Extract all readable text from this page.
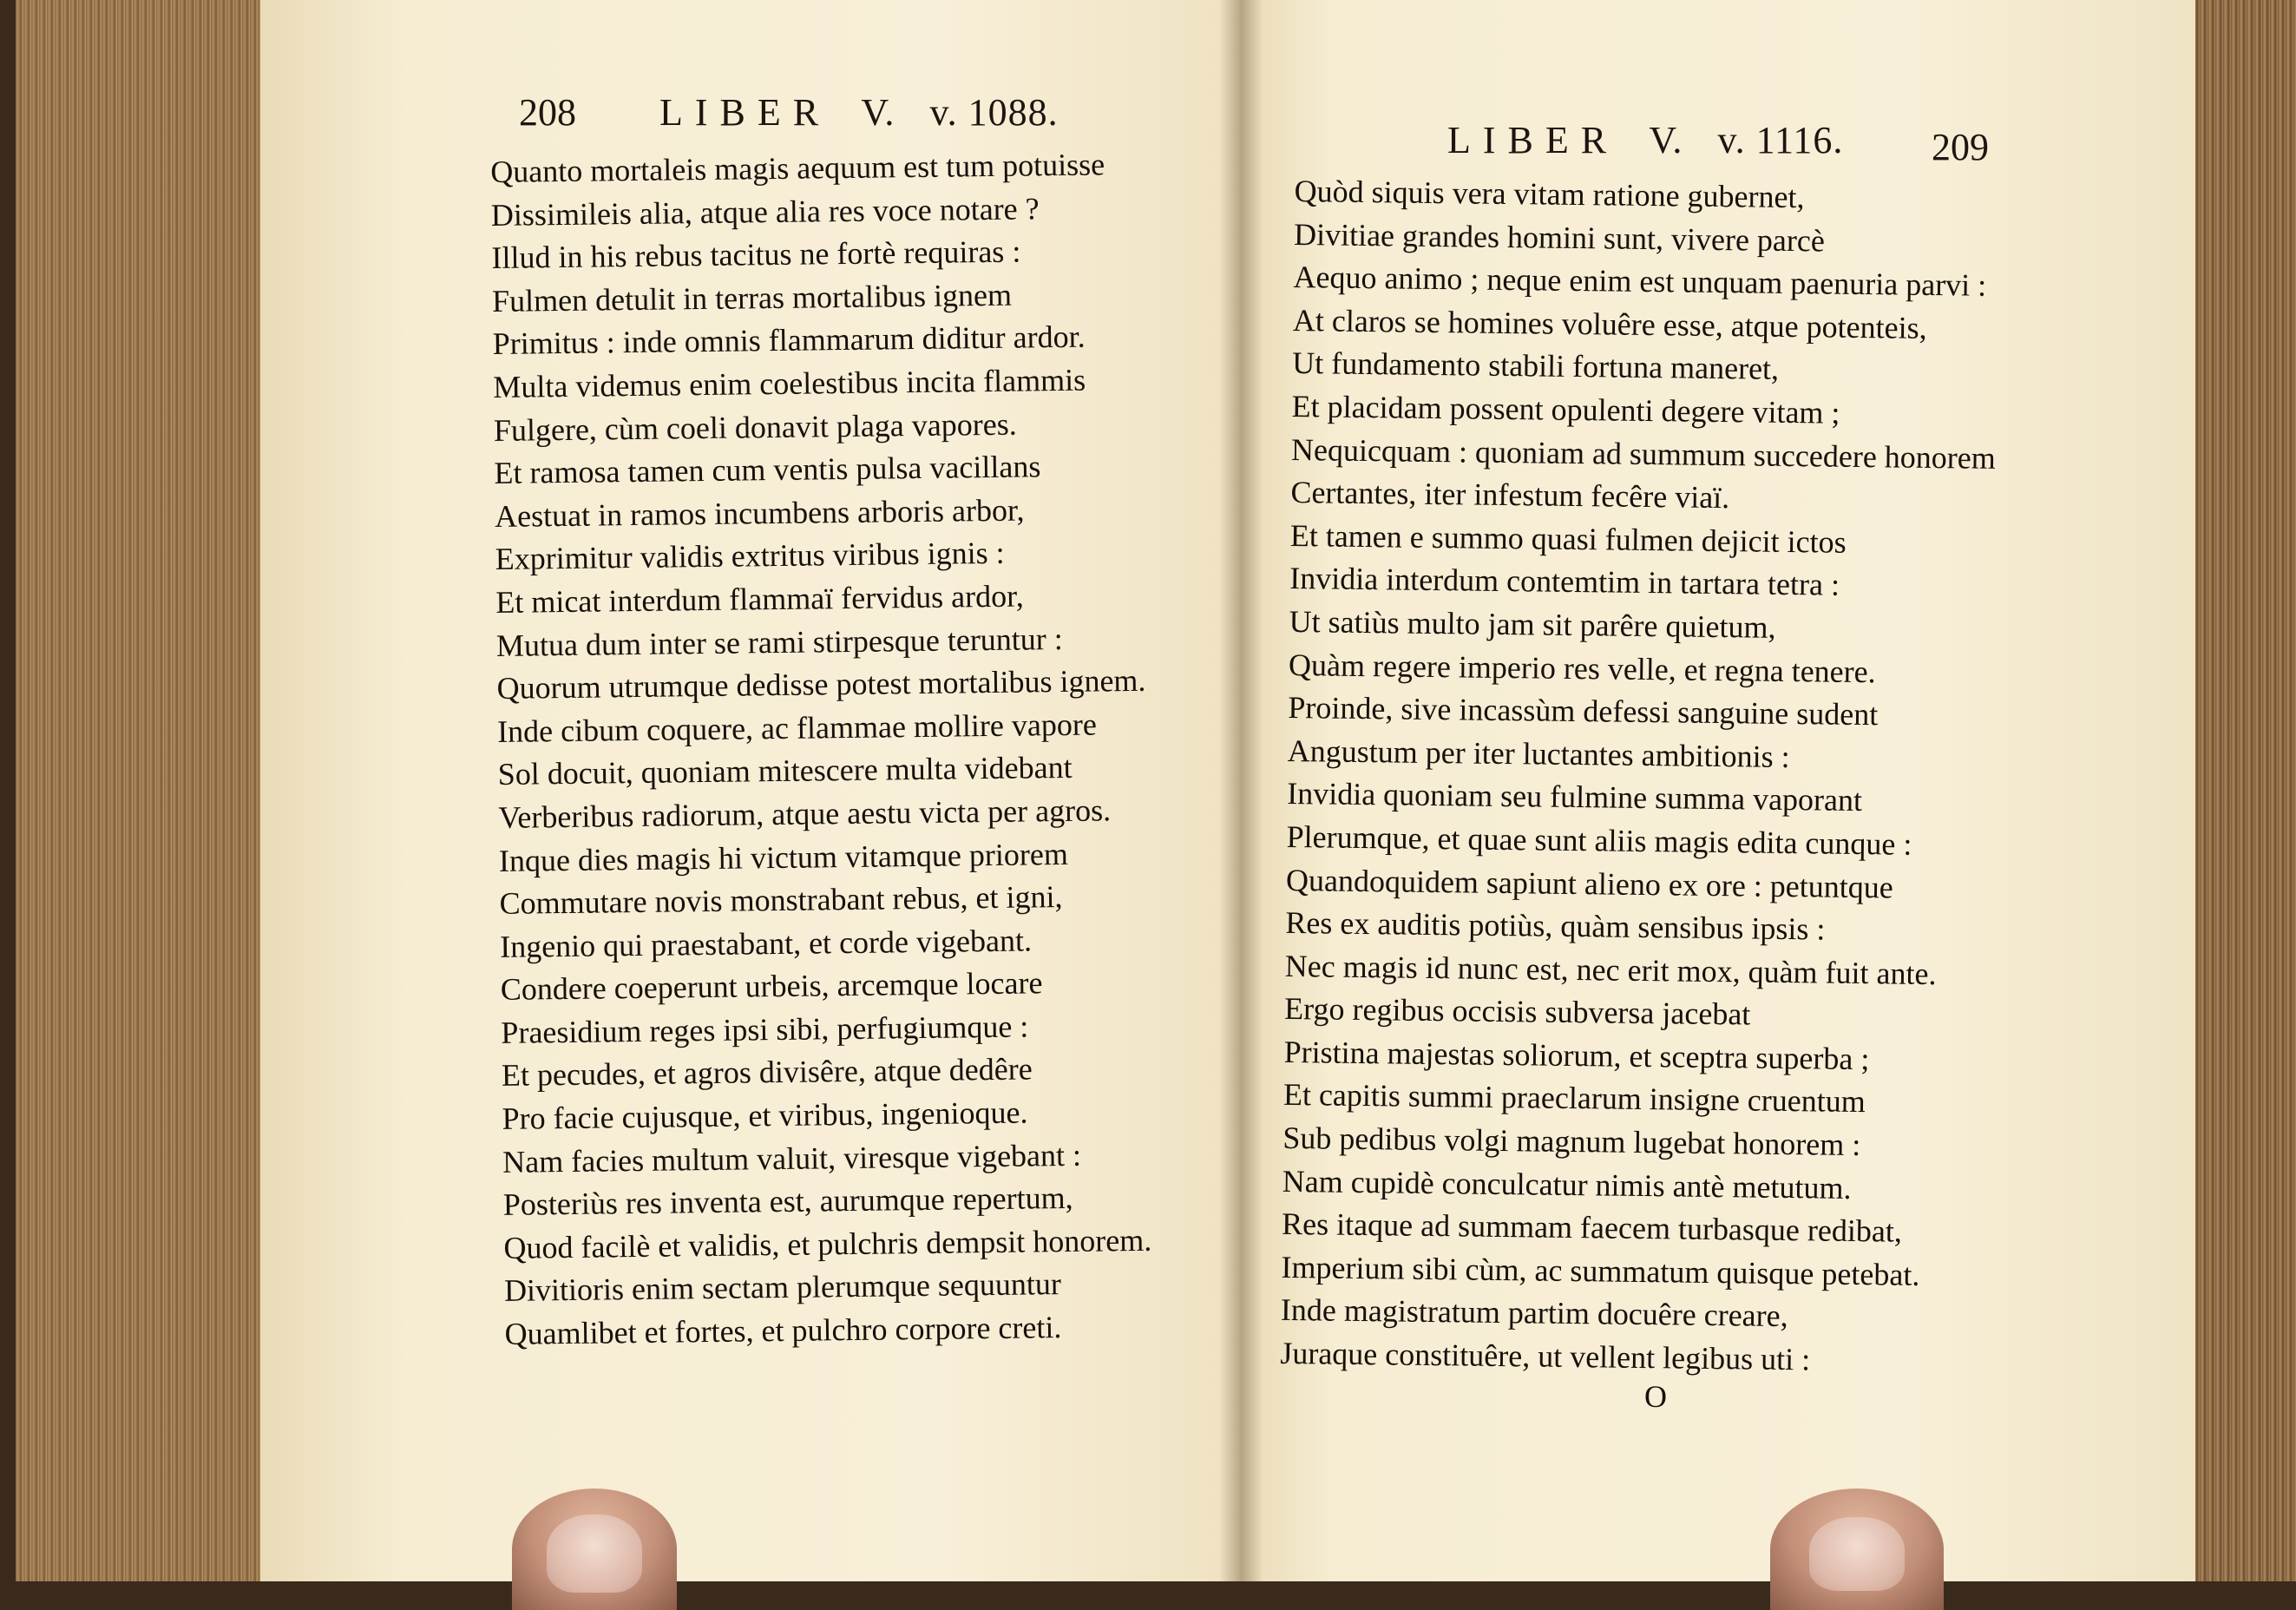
208 LIBER V. v. 1088.
Quanto mortaleis magis aequum est tum potuisse
Dissimileis alia, atque alia res voce notare ?
Illud in his rebus tacitus ne fortè requiras :
Fulmen detulit in terras mortalibus ignem
Primitus : inde omnis flammarum diditur ardor.
Multa videmus enim coelestibus incita flammis
Fulgere, cùm coeli donavit plaga vapores.
Et ramosa tamen cum ventis pulsa vacillans
Aestuat in ramos incumbens arboris arbor,
Exprimitur validis extritus viribus ignis :
Et micat interdum flammaï fervidus ardor,
Mutua dum inter se rami stirpesque teruntur :
Quorum utrumque dedisse potest mortalibus ignem.
Inde cibum coquere, ac flammae mollire vapore
Sol docuit, quoniam mitescere multa videbant
Verberibus radiorum, atque aestu victa per agros.
Inque dies magis hi victum vitamque priorem
Commutare novis monstrabant rebus, et igni,
Ingenio qui praestabant, et corde vigebant.
Condere coeperunt urbeis, arcemque locare
Praesidium reges ipsi sibi, perfugiumque :
Et pecudes, et agros divisêre, atque dedêre
Pro facie cujusque, et viribus, ingenioque.
Nam facies multum valuit, viresque vigebant :
Posteriùs res inventa est, aurumque repertum,
Quod facilè et validis, et pulchris dempsit honorem.
Divitioris enim sectam plerumque sequuntur
Quamlibet et fortes, et pulchro corpore creti.
LIBER V. v. 1116. 209
Quòd siquis vera vitam ratione gubernet,
Divitiae grandes homini sunt, vivere parcè
Aequo animo ; neque enim est unquam paenuria parvi :
At claros se homines voluêre esse, atque potenteis,
Ut fundamento stabili fortuna maneret,
Et placidam possent opulenti degere vitam ;
Nequicquam : quoniam ad summum succedere honorem
Certantes, iter infestum fecêre viaï.
Et tamen e summo quasi fulmen dejicit ictos
Invidia interdum contemtim in tartara tetra :
Ut satiùs multo jam sit parêre quietum,
Quàm regere imperio res velle, et regna tenere.
Proinde, sive incassùm defessi sanguine sudent
Angustum per iter luctantes ambitionis :
Invidia quoniam seu fulmine summa vaporant
Plerumque, et quae sunt aliis magis edita cunque :
Quandoquidem sapiunt alieno ex ore : petuntque
Res ex auditis potiùs, quàm sensibus ipsis :
Nec magis id nunc est, nec erit mox, quàm fuit ante.
Ergo regibus occisis subversa jacebat
Pristina majestas soliorum, et sceptra superba ;
Et capitis summi praeclarum insigne cruentum
Sub pedibus volgi magnum lugebat honorem :
Nam cupidè conculcatur nimis antè metutum.
Res itaque ad summam faecem turbasque redibat,
Imperium sibi cùm, ac summatum quisque petebat.
Inde magistratum partim docuêre creare,
Juraque constituêre, ut vellent legibus uti :
O
